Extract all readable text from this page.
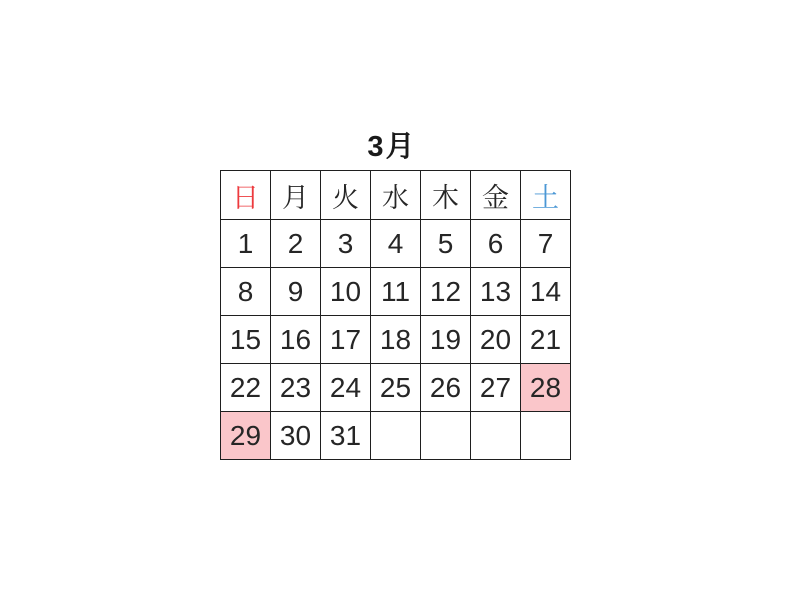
3月
日	月	火	水	木	金	土
1	2	3	4	5	6	7
8	9	10	11	12	13	14
15	16	17	18	19	20	21
22	23	24	25	26	27	28
29	30	31				
